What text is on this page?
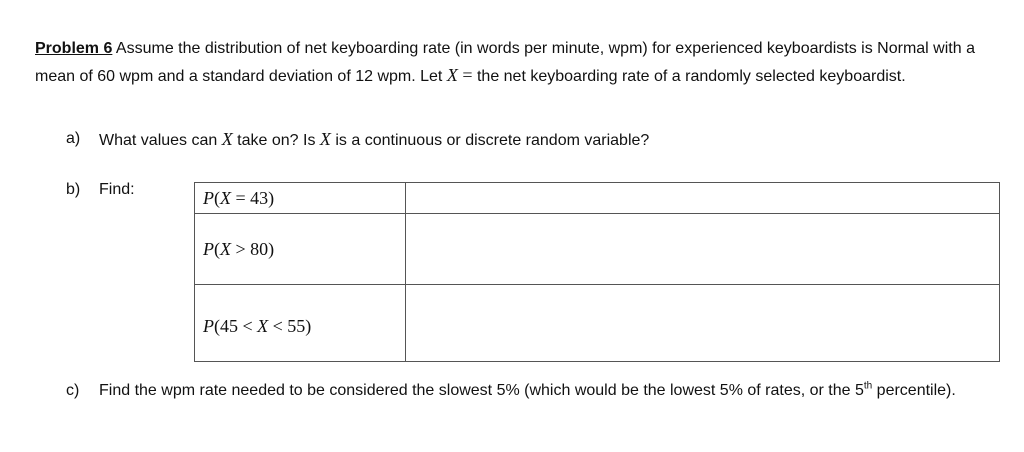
Problem 6 Assume the distribution of net keyboarding rate (in words per minute, wpm) for experienced keyboardists is Normal with a mean of 60 wpm and a standard deviation of 12 wpm. Let X = the net keyboarding rate of a randomly selected keyboardist.
a)	What values can X take on? Is X is a continuous or discrete random variable?
b)	Find:	P(X = 43)	
P(X > 80)	
P(45 < X < 55)	
c)	Find the wpm rate needed to be considered the slowest 5% (which would be the lowest 5% of rates, or the 5th percentile).
